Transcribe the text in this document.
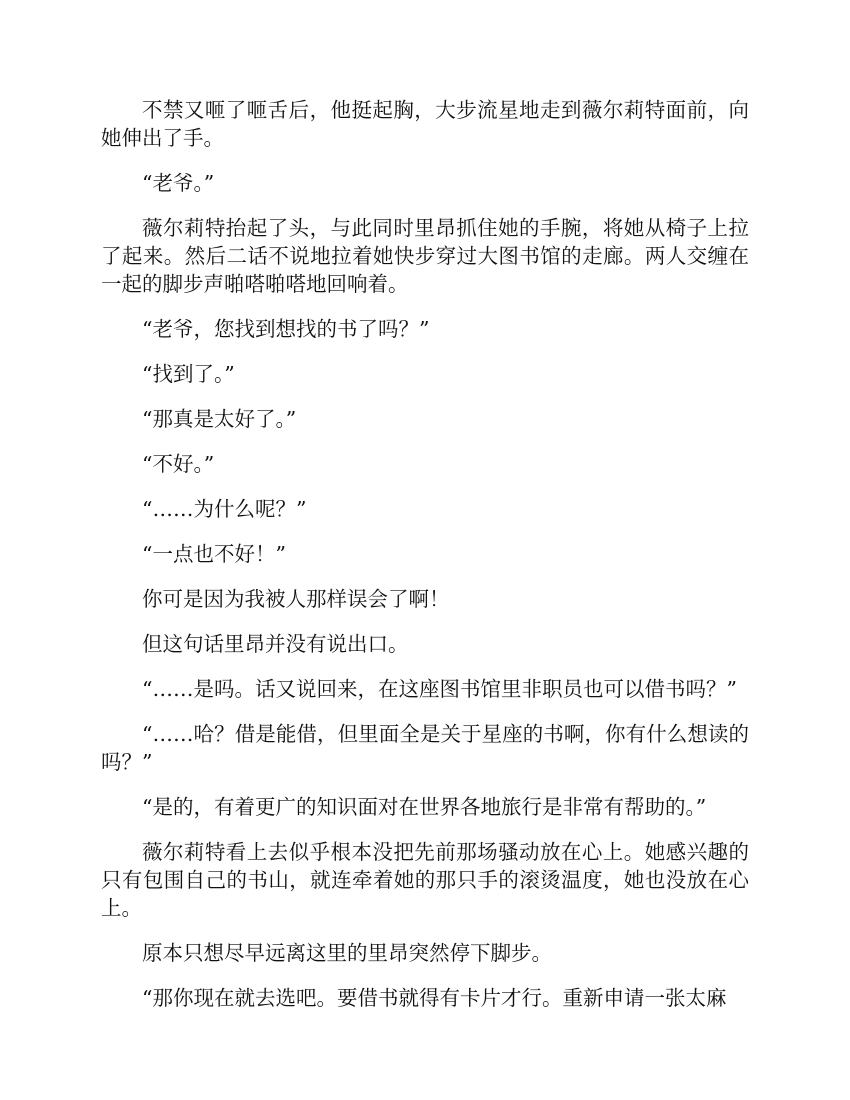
不禁又咂了咂舌后，他挺起胸，大步流星地走到薇尔莉特面前，向她伸出了手。

“老爷。”

薇尔莉特抬起了头，与此同时里昂抓住她的手腕，将她从椅子上拉了起来。然后二话不说地拉着她快步穿过大图书馆的走廊。两人交缠在一起的脚步声啪嗒啪嗒地回响着。

“老爷，您找到想找的书了吗？”

“找到了。”

“那真是太好了。”

“不好。”

“……为什么呢？”

“一点也不好！”

你可是因为我被人那样误会了啊！

但这句话里昂并没有说出口。

“……是吗。话又说回来，在这座图书馆里非职员也可以借书吗？”

“……哈？借是能借，但里面全是关于星座的书啊，你有什么想读的吗？”

“是的，有着更广的知识面对在世界各地旅行是非常有帮助的。”

薇尔莉特看上去似乎根本没把先前那场骚动放在心上。她感兴趣的只有包围自己的书山，就连牵着她的那只手的滚烫温度，她也没放在心上。

原本只想尽早远离这里的里昂突然停下脚步。

“那你现在就去选吧。要借书就得有卡片才行。重新申请一张太麻
